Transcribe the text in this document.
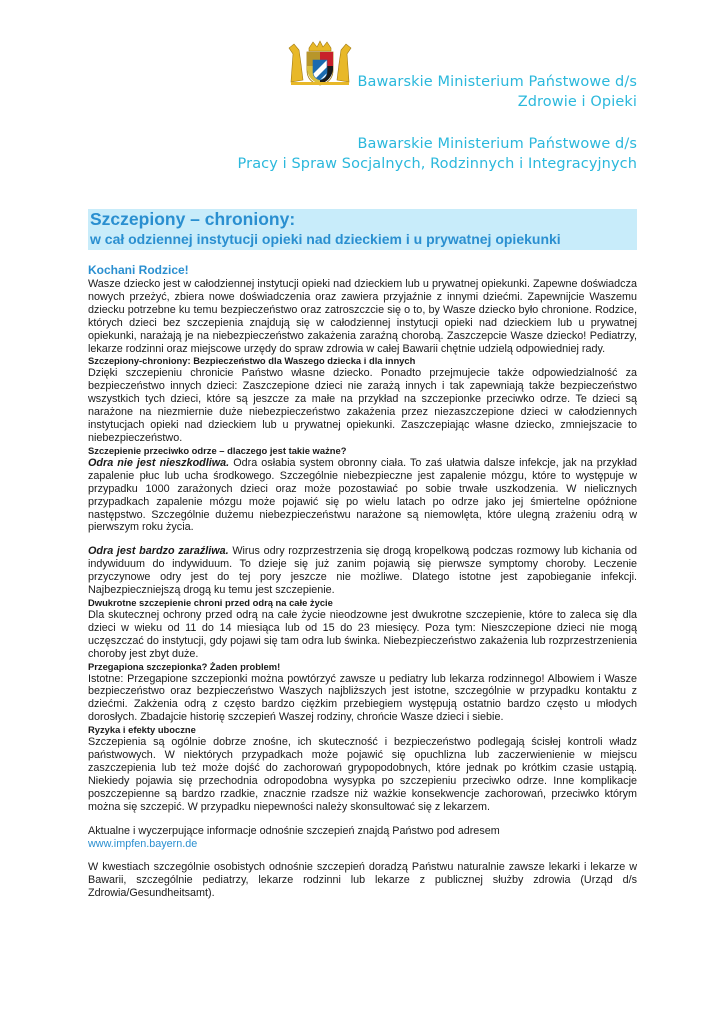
Bawarskie Ministerium Państwowe d/s
Zdrowie i Opieki
Bawarskie Ministerium Państwowe d/s
Pracy i Spraw Socjalnych, Rodzinnych i Integracyjnych
Szczepiony – chroniony:
w cał odziennej instytucji opieki nad dzieckiem i u prywatnej opiekunki

Kochani Rodzice!

Wasze dziecko jest w całodziennej instytucji opieki nad dzieckiem lub u prywatnej opiekunki. Zapewne doświadcza nowych przeżyć, zbiera nowe doświadczenia oraz zawiera przyjaźnie z innymi dziećmi. Zapewnijcie Waszemu dziecku potrzebne ku temu bezpieczeństwo oraz zatroszczcie się o to, by Wasze dziecko było chronione. Rodzice, których dzieci bez szczepienia znajdują się w całodziennej instytucji opieki nad dzieckiem lub u prywatnej opiekunki, narażają je na niebezpieczeństwo zakażenia zaraźną chorobą. Zaszczepcie Wasze dziecko! Pediatrzy, lekarze rodzinni oraz miejscowe urzędy do spraw zdrowia w całej Bawarii chętnie udzielą odpowiedniej rady.

Szczepiony-chroniony: Bezpieczeństwo dla Waszego dziecka i dla innych

Dzięki szczepieniu chronicie Państwo własne dziecko. Ponadto przejmujecie także odpowiedzialność za bezpieczeństwo innych dzieci: Zaszczepione dzieci nie zarażą innych i tak zapewniają także bezpieczeństwo wszystkich tych dzieci, które są jeszcze za małe na przykład na szczepionke przeciwko odrze. Te dzieci są narażone na niezmiernie duże niebezpieczeństwo zakażenia przez niezaszczepione dzieci w całodziennych instytucjach opieki nad dzieckiem lub u prywatnej opiekunki. Zaszczepiając własne dziecko, zmniejszacie to niebezpieczeństwo.

Szczepienie przeciwko odrze – dlaczego jest takie ważne?

Odra nie jest nieszkodliwa. Odra osłabia system obronny ciała. To zaś ułatwia dalsze infekcje, jak na przykład zapalenie płuc lub ucha środkowego. Szczególnie niebezpieczne jest zapalenie mózgu, które to występuje w przypadku 1000 zarażonych dzieci oraz może pozostawiać po sobie trwałe uszkodzenia. W nielicznych przypadkach zapalenie mózgu może pojawić się po wielu latach po odrze jako jej śmiertelne opóźnione następstwo. Szczególnie dużemu niebezpieczeństwu narażone są niemowlęta, które ulegną zrażeniu odrą w pierwszym roku życia.

Odra jest bardzo zaraźliwa. Wirus odry rozprzestrzenia się drogą kropelkową podczas rozmowy lub kichania od indywiduum do indywiduum. To dzieje się już zanim pojawią się pierwsze symptomy choroby. Leczenie przyczynowe odry jest do tej pory jeszcze nie możliwe. Dlatego istotne jest zapobieganie infekcji. Najbezpieczniejszą drogą ku temu jest szczepienie.

Dwukrotne szczepienie chroni przed odrą na całe życie

Dla skutecznej ochrony przed odrą na całe życie nieodzowne jest dwukrotne szczepienie, które to zaleca się dla dzieci w wieku od 11 do 14 miesiąca lub od 15 do 23 miesięcy. Poza tym: Nieszczepione dzieci nie mogą uczęszczać do instytucji, gdy pojawi się tam odra lub świnka. Niebezpieczeństwo zakażenia lub rozprzestrzenienia choroby jest zbyt duże.

Przegapiona szczepionka? Żaden problem!

Istotne: Przegapione szczepionki można powtórzyć zawsze u pediatry lub lekarza rodzinnego! Albowiem i Wasze bezpieczeństwo oraz bezpieczeństwo Waszych najbliższych jest istotne, szczególnie w przypadku kontaktu z dziećmi. Zakżenia odrą z często bardzo ciężkim przebiegiem występują ostatnio bardzo często u młodych dorosłych. Zbadajcie historię szczepień Waszej rodziny, chrońcie Wasze dzieci i siebie.

Ryzyka i efekty uboczne

Szczepienia są ogólnie dobrze znośne, ich skuteczność i bezpieczeństwo podlegają ścisłej kontroli władz państwowych. W niektórych przypadkach może pojawić się opuchlizna lub zaczerwienienie w miejscu zaszczepienia lub też może dojść do zachorowań grypopodobnych, które jednak po krótkim czasie ustąpią. Niekiedy pojawia się przechodnia odropodobna wysypka po szczepieniu przeciwko odrze. Inne komplikacje poszczepienne są bardzo rzadkie, znacznie rzadsze niż ważkie konsekwencje zachorowań, przeciwko którym można się szczepić. W przypadku niepewności należy skonsultować się z lekarzem.

Aktualne i wyczerpujące informacje odnośnie szczepień znajdą Państwo pod adresem

www.impfen.bayern.de

W kwestiach szczególnie osobistych odnośnie szczepień doradzą Państwu naturalnie zawsze lekarki i lekarze w Bawarii, szczególnie pediatrzy, lekarze rodzinni lub lekarze z publicznej służby zdrowia (Urząd d/s Zdrowia/Gesundheitsamt).
